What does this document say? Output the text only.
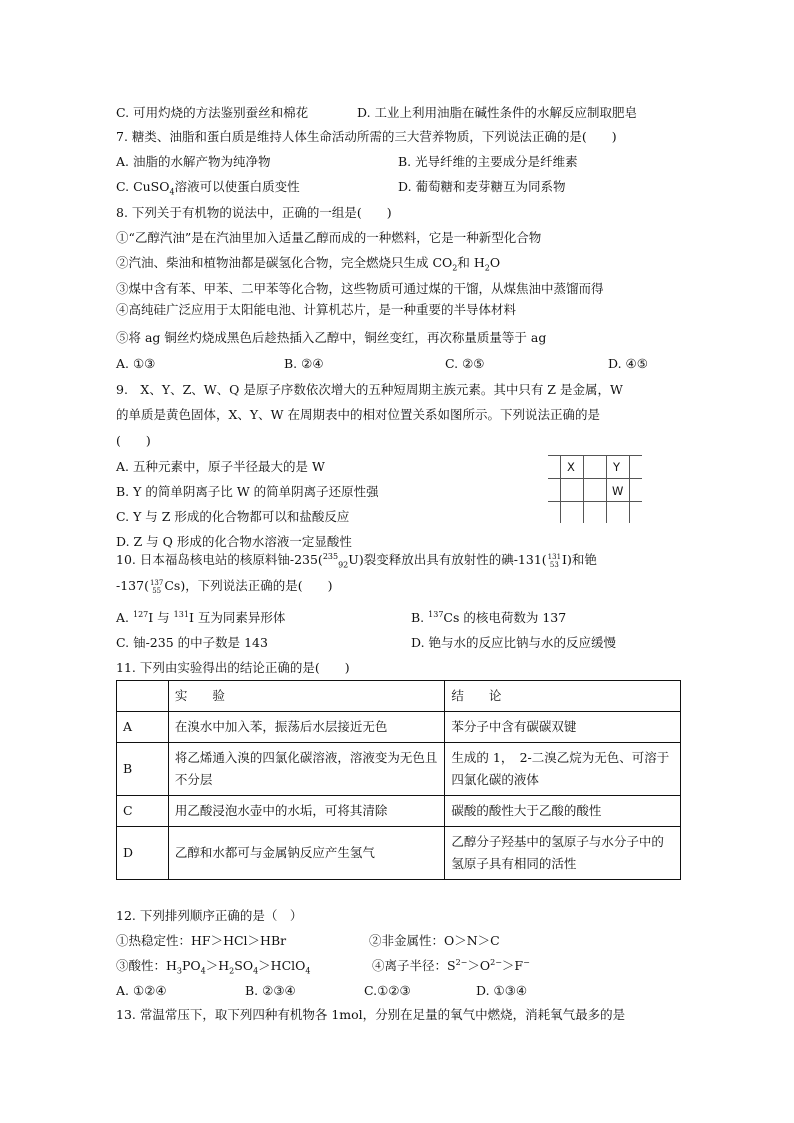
C. 可用灼烧的方法鉴别蚕丝和棉花	D. 工业上利用油脂在碱性条件的水解反应制取肥皂
7. 糖类、油脂和蛋白质是维持人体生命活动所需的三大营养物质，下列说法正确的是(　　)
A. 油脂的水解产物为纯净物	B. 光导纤维的主要成分是纤维素
C. CuSO$_4$溶液可以使蛋白质变性	D. 葡萄糖和麦芽糖互为同系物
8. 下列关于有机物的说法中，正确的一组是(　　)
①“乙醇汽油”是在汽油里加入适量乙醇而成的一种燃料，它是一种新型化合物
②汽油、柴油和植物油都是碳氢化合物，完全燃烧只生成 $CO_2$和 $H_2O$
③煤中含有苯、甲苯、二甲苯等化合物，这些物质可通过煤的干馏，从煤焦油中蒸馏而得
④高纯硅广泛应用于太阳能电池、计算机芯片，是一种重要的半导体材料
⑤将 ag 铜丝灼烧成黑色后趁热插入乙醇中，铜丝变红，再次称量质量等于 ag
A. ①③	B. ②④	C. ②⑤	D. ④⑤
9.　X、Y、Z、W、Q 是原子序数依次增大的五种短周期主族元素。其中只有 Z 是金属，W
的单质是黄色固体，X、Y、W 在周期表中的相对位置关系如图所示。下列说法正确的是
(　　)
A. 五种元素中，原子半径最大的是 W
B. Y 的简单阴离子比 W 的简单阴离子还原性强
C. Y 与 Z 形成的化合物都可以和盐酸反应
D. Z 与 Q 形成的化合物水溶液一定显酸性
X	Y
W
10. 日本福岛核电站的核原料铀-235($^{235}_{92}$U)裂变释放出具有放射性的碘-131( 131
53 I)和铯
-137( 137
55 Cs)，下列说法正确的是(　　)
A. $^{127}$I 与 $^{131}$I 互为同素异形体	B. $^{137}$Cs 的核电荷数为 137
C. 铀-235 的中子数是 143	D. 铯与水的反应比钠与水的反应缓慢
11. 下列由实验得出的结论正确的是(　　)
	实　　验	结　　论
A	在溴水中加入苯，振荡后水层接近无色	苯分子中含有碳碳双键
B	将乙烯通入溴的四氯化碳溶液，溶液变为无色且不分层	生成的 1， 2-二溴乙烷为无色、可溶于四氯化碳的液体
C	用乙酸浸泡水壶中的水垢，可将其清除	碳酸的酸性大于乙酸的酸性
D	乙醇和水都可与金属钠反应产生氢气	乙醇分子羟基中的氢原子与水分子中的氢原子具有相同的活性
12. 下列排列顺序正确的是（　）
①热稳定性：HF＞HCl＞HBr	②非金属性：O＞N＞C
③酸性：$H_3PO_4>H_2SO_4>HClO_4$	④离子半径：$S^{2-}>O^{2-}>F^-$
A. ①②④	B. ②③④	C.①②③	D. ①③④
13. 常温常压下，取下列四种有机物各 1mol，分别在足量的氧气中燃烧，消耗氧气最多的是
